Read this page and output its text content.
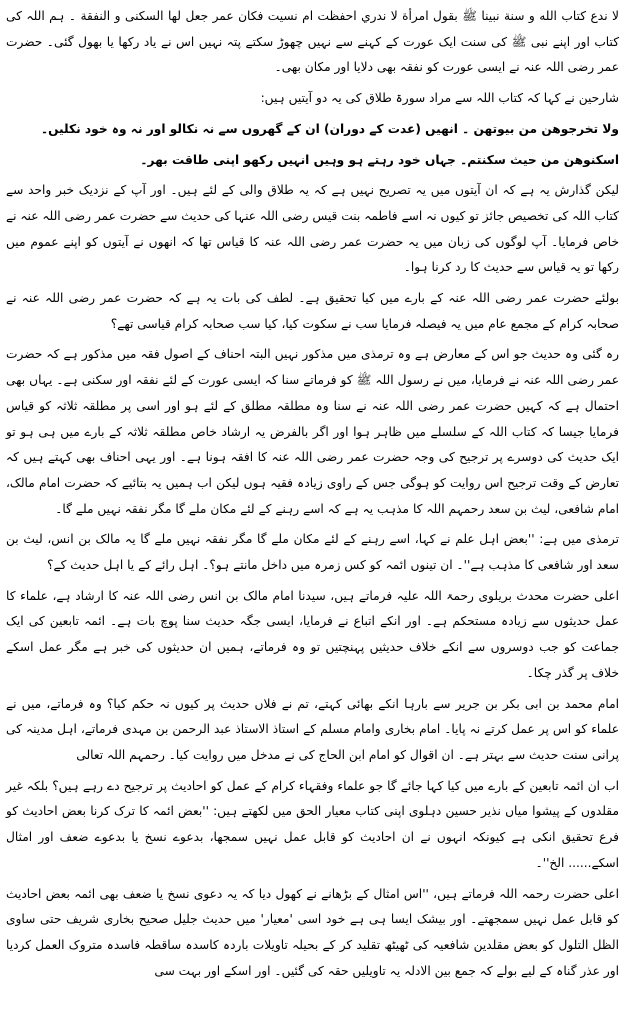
لا ندع كتاب الله و سنة نبينا ﷺ بقول امرأة لا ندري احفظت ام نسيت فكان عمر جعل لها السكنى و النفقة ۔ ہم اللہ کی کتاب اور اپنے نبی ﷺ کی سنت ایک عورت کے کہنے سے نہیں چھوڑ سکتے پتہ نہیں اس نے یاد رکھا یا بھول گئی۔ حضرت عمر رضی اللہ عنہ نے ایسی عورت کو نفقہ بھی دلایا اور مکان بھی۔

شارحین نے کہا کہ کتاب اللہ سے مراد سورۃ طلاق کی یہ دو آیتیں ہیں:

ولا تخرجوهن من بيوتهن ۔ انھیں (عدت کے دوران) ان کے گھروں سے نہ نکالو اور نہ وہ خود نکلیں۔

اسكنوهن من حيث سكنتم۔ جہاں خود رہتے ہو وہیں انہیں رکھو اپنی طاقت بھر۔

لیکن گذارش یہ ہے کہ ان آیتوں میں یہ تصریح نہیں ہے کہ یہ طلاق والی کے لئے ہیں۔ اور آپ کے نزدیک خبر واحد سے کتاب اللہ کی تخصیص جائز تو کیوں نہ اسے فاطمہ بنت قیس رضی اللہ عنہا کی حدیث سے حضرت عمر رضی اللہ عنہ نے خاص فرمایا۔ آپ لوگوں کی زبان میں یہ حضرت عمر رضی اللہ عنہ کا قیاس تھا کہ انھوں نے آیتوں کو اپنے عموم میں رکھا تو یہ قیاس سے حدیث کا رد کرنا ہوا۔

بولئے حضرت عمر رضی اللہ عنہ کے بارے میں کیا تحقیق ہے۔ لطف کی بات یہ ہے کہ حضرت عمر رضی اللہ عنہ نے صحابہ کرام کے مجمع عام میں یہ فیصلہ فرمایا سب نے سکوت کیا، کیا سب صحابہ کرام قیاسی تھے؟

رہ گئی وہ حدیث جو اس کے معارض ہے وہ ترمذی میں مذکور نہیں البتہ احناف کے اصول فقہ میں مذکور ہے کہ حضرت عمر رضی اللہ عنہ نے فرمایا، میں نے رسول اللہ ﷺ کو فرماتے سنا کہ ایسی عورت کے لئے نفقہ اور سکنی ہے۔ یہاں بھی احتمال ہے کہ کہیں حضرت عمر رضی اللہ عنہ نے سنا وہ مطلقہ مطلق کے لئے ہو اور اسی پر مطلقہ ثلاثہ کو قیاس فرمایا جیسا کہ کتاب اللہ کے سلسلے میں ظاہر ہوا اور اگر بالفرض یہ ارشاد خاص مطلقہ ثلاثہ کے بارے میں ہی ہو تو ایک حدیث کی دوسرے پر ترجیح کی وجہ حضرت عمر رضی اللہ عنہ کا افقہ ہونا ہے۔ اور یہی احناف بھی کہتے ہیں کہ تعارض کے وقت ترجیح اس روایت کو ہوگی جس کے راوی زیادہ فقیہ ہوں لیکن اب ہمیں یہ بتائیے کہ حضرت امام مالک، امام شافعی، لیث بن سعد رحمہم اللہ کا مذہب یہ ہے کہ اسے رہنے کے لئے مکان ملے گا مگر نفقہ نہیں ملے گا۔

ترمذی میں ہے: ''بعض اہل علم نے کہا، اسے رہنے کے لئے مکان ملے گا مگر نفقہ نہیں ملے گا یہ مالک بن انس، لیث بن سعد اور شافعی کا مذہب ہے''۔ ان تینوں ائمہ کو کس زمرہ میں داخل مانتے ہو؟۔ اہل رائے کے یا اہل حدیث کے؟

اعلی حضرت محدث بریلوی رحمۃ اللہ علیہ فرماتے ہیں، سیدنا امام مالک بن انس رضی اللہ عنہ کا ارشاد ہے، علماء کا عمل حدیثوں سے زیادہ مستحکم ہے۔ اور انکے اتباع نے فرمایا، ایسی جگہ حدیث سنا پوچ بات ہے۔ ائمہ تابعین کی ایک جماعت کو جب دوسروں سے انکے خلاف حدیثیں پہنچتیں تو وہ فرماتے، ہمیں ان حدیثوں کی خبر ہے مگر عمل اسکے خلاف پر گذر چکا۔

امام محمد بن ابی بکر بن جریر سے بارہا انکے بھائی کہتے، تم نے فلاں حدیث پر کیوں نہ حکم کیا؟ وہ فرماتے، میں نے علماء کو اس پر عمل کرتے نہ پایا۔ امام بخاری وامام مسلم کے استاذ الاستاذ عبد الرحمن بن مہدی فرماتے، اہل مدینہ کی پرانی سنت حدیث سے بہتر ہے۔ ان اقوال کو امام ابن الحاج کی نے مدخل میں روایت کیا۔ رحمہم اللہ تعالی

اب ان ائمہ تابعین کے بارے میں کیا کہا جائے گا جو علماء وفقہاء کرام کے عمل کو احادیث پر ترجیح دے رہے ہیں؟ بلکہ غیر مقلدوں کے پیشوا میاں نذیر حسین دہلوی اپنی کتاب معیار الحق میں لکھتے ہیں: ''بعض ائمہ کا ترک کرنا بعض احادیث کو فرع تحقیق انکی ہے کیونکہ انہوں نے ان احادیث کو قابل عمل نہیں سمجھا، بدعوے نسخ یا بدعوے ضعف اور امثال اسکے...... الخ''۔

اعلی حضرت رحمہ اللہ فرماتے ہیں، ''اس امثال کے بڑھانے نے کھول دیا کہ یہ دعوی نسخ یا ضعف بھی ائمہ بعض احادیث کو قابل عمل نہیں سمجھتے۔ اور بیشک ایسا ہی ہے خود اسی 'معیار' میں حدیث جلیل صحیح بخاری شریف حتی ساوى الظل التلول کو بعض مقلدین شافعیہ کی ٹھیٹھ تقلید کر کے بحیلہ تاویلات باردہ کاسدہ ساقطہ فاسدہ متروک العمل کردیا اور عذر گناہ کے لیے بولے کہ جمع بین الادلہ یہ تاویلیں حقہ کی گئیں۔ اور اسکے اور بہت سی
